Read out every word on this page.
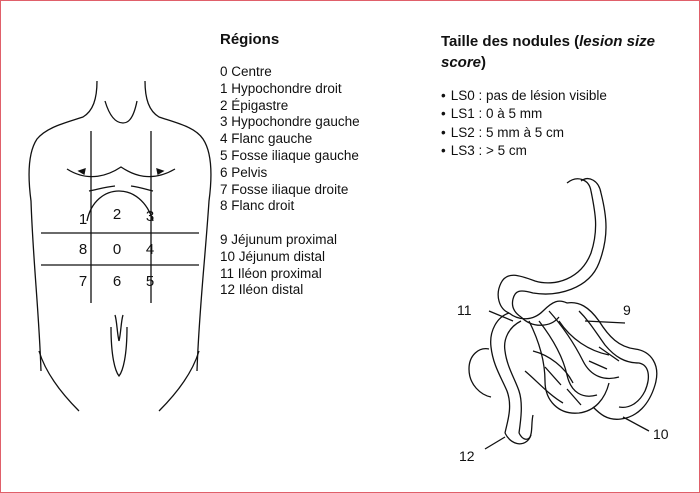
1 2 3
8 0 4
7 6 5
Régions
0 Centre
1 Hypochondre droit
2 Épigastre
3 Hypochondre gauche
4 Flanc gauche
5 Fosse iliaque gauche
6 Pelvis
7 Fosse iliaque droite
8 Flanc droit
9 Jéjunum proximal
10 Jéjunum distal
11 Iléon proximal
12 Iléon distal
Taille des nodules (lesion size score)
• LS0 : pas de lésion visible
• LS1 : 0 à 5 mm
• LS2 : 5 mm à 5 cm
• LS3 : > 5 cm
11	9
10
12
